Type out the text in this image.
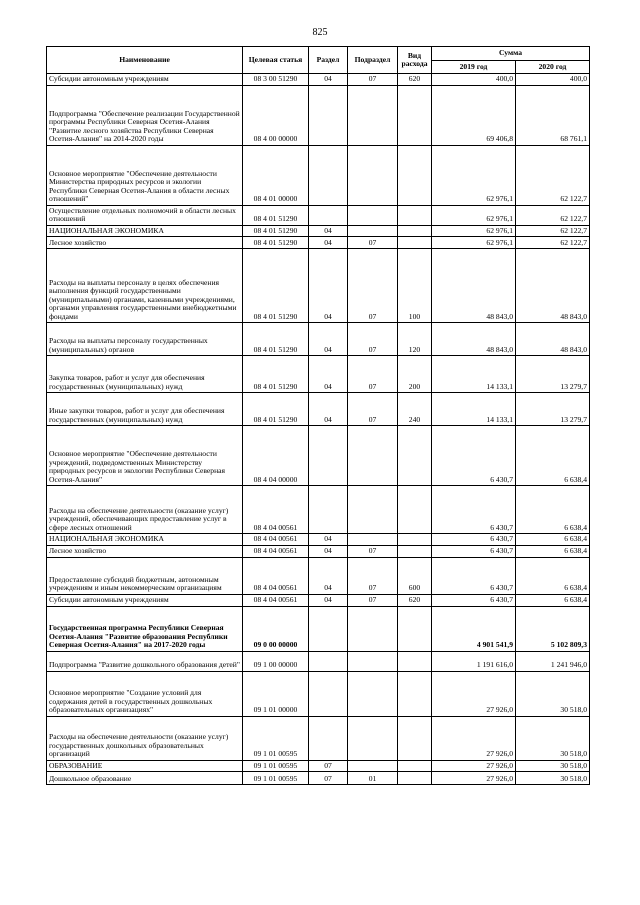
825
Наименование	Целевая статья	Раздел	Подраздел	Вид расхода	Сумма	
					2019 год	2020 год
Субсидии автономным учреждениям	08 3 00 51290	04	07	620	400,0	400,0
Подпрограмма "Обеспечение реализации Государственной программы Республики Северная Осетия-Алания "Развитие лесного хозяйства Республики Северная Осетия-Алания" на 2014-2020 годы	08 4 00 00000				69 406,8	68 761,1
Основное мероприятие "Обеспечение деятельности Министерства природных ресурсов и экологии Республики Северная Осетия-Алания в области лесных отношений"	08 4 01 00000				62 976,1	62 122,7
Осуществление отдельных полномочий в области лесных отношений	08 4 01 51290				62 976,1	62 122,7
НАЦИОНАЛЬНАЯ ЭКОНОМИКА	08 4 01 51290	04			62 976,1	62 122,7
Лесное хозяйство	08 4 01 51290	04	07		62 976,1	62 122,7
Расходы на выплаты персоналу в целях обеспечения выполнения функций государственными (муниципальными) органами, казенными учреждениями, органами управления государственными внебюджетными фондами	08 4 01 51290	04	07	100	48 843,0	48 843,0
Расходы на выплаты персоналу государственных (муниципальных) органов	08 4 01 51290	04	07	120	48 843,0	48 843,0
Закупка товаров, работ и услуг для обеспечения государственных (муниципальных) нужд	08 4 01 51290	04	07	200	14 133,1	13 279,7
Иные закупки товаров, работ и услуг для обеспечения государственных (муниципальных) нужд	08 4 01 51290	04	07	240	14 133,1	13 279,7
Основное мероприятие "Обеспечение деятельности учреждений, подведомственных Министерству природных ресурсов и экологии Республики Северная Осетия-Алания"	08 4 04 00000				6 430,7	6 638,4
Расходы на обеспечение деятельности (оказание услуг) учреждений, обеспечивающих предоставление услуг в сфере лесных отношений	08 4 04 00561				6 430,7	6 638,4
НАЦИОНАЛЬНАЯ ЭКОНОМИКА	08 4 04 00561	04			6 430,7	6 638,4
Лесное хозяйство	08 4 04 00561	04	07		6 430,7	6 638,4
Предоставление субсидий бюджетным, автономным учреждениям и иным некоммерческим организациям	08 4 04 00561	04	07	600	6 430,7	6 638,4
Субсидии автономным учреждениям	08 4 04 00561	04	07	620	6 430,7	6 638,4
Государственная программа Республики Северная Осетия-Алания "Развитие образования Республики Северная Осетия-Алания" на 2017-2020 годы	09 0 00 00000				4 901 541,9	5 102 809,3
Подпрограмма "Развитие дошкольного образования детей"	09 1 00 00000				1 191 616,0	1 241 946,0
Основное мероприятие "Создание условий для содержания детей в государственных дошкольных образовательных организациях"	09 1 01 00000				27 926,0	30 518,0
Расходы на обеспечение деятельности (оказание услуг) государственных дошкольных образовательных организаций	09 1 01 00595				27 926,0	30 518,0
ОБРАЗОВАНИЕ	09 1 01 00595	07			27 926,0	30 518,0
Дошкольное образование	09 1 01 00595	07	01		27 926,0	30 518,0
